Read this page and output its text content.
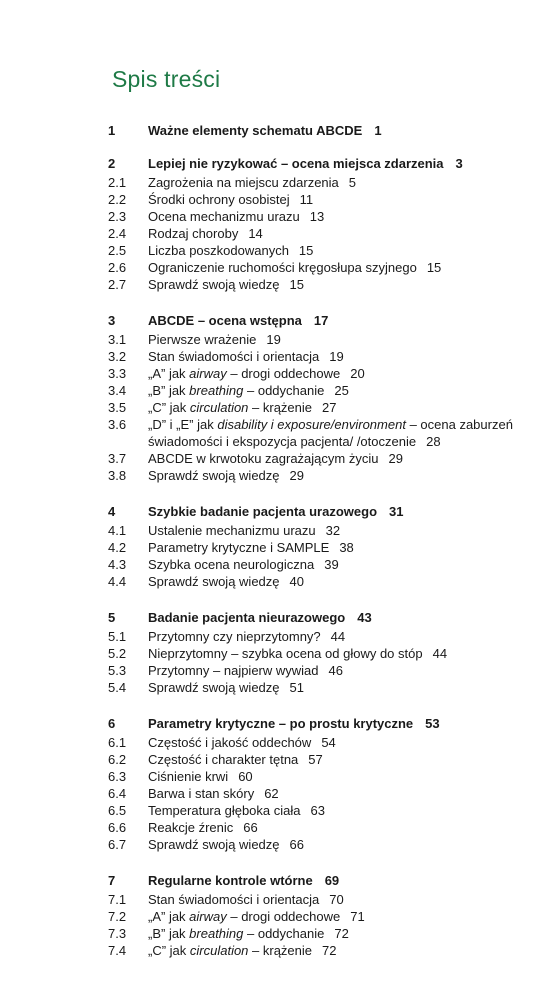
Spis treści
1	Ważne elementy schematu ABCDE 1
2	Lepiej nie ryzykować – ocena miejsca zdarzenia 3
2.1	Zagrożenia na miejscu zdarzenia 5
2.2	Środki ochrony osobistej 11
2.3	Ocena mechanizmu urazu 13
2.4	Rodzaj choroby 14
2.5	Liczba poszkodowanych 15
2.6	Ograniczenie ruchomości kręgosłupa szyjnego 15
2.7	Sprawdź swoją wiedzę 15
3	ABCDE – ocena wstępna 17
3.1	Pierwsze wrażenie 19
3.2	Stan świadomości i orientacja 19
3.3	„A” jak airway – drogi oddechowe 20
3.4	„B” jak breathing – oddychanie 25
3.5	„C” jak circulation – krążenie 27
3.6	„D” i „E” jak disability i exposure/environment – ocena zaburzeń świadomości i ekspozycja pacjenta/ /otoczenie 28
3.7	ABCDE w krwotoku zagrażającym życiu 29
3.8	Sprawdź swoją wiedzę 29
4	Szybkie badanie pacjenta urazowego 31
4.1	Ustalenie mechanizmu urazu 32
4.2	Parametry krytyczne i SAMPLE 38
4.3	Szybka ocena neurologiczna 39
4.4	Sprawdź swoją wiedzę 40
5	Badanie pacjenta nieurazowego 43
5.1	Przytomny czy nieprzytomny? 44
5.2	Nieprzytomny – szybka ocena od głowy do stóp 44
5.3	Przytomny – najpierw wywiad 46
5.4	Sprawdź swoją wiedzę 51
6	Parametry krytyczne – po prostu krytyczne 53
6.1	Częstość i jakość oddechów 54
6.2	Częstość i charakter tętna 57
6.3	Ciśnienie krwi 60
6.4	Barwa i stan skóry 62
6.5	Temperatura głęboka ciała 63
6.6	Reakcje źrenic 66
6.7	Sprawdź swoją wiedzę 66
7	Regularne kontrole wtórne 69
7.1	Stan świadomości i orientacja 70
7.2	„A” jak airway – drogi oddechowe 71
7.3	„B” jak breathing – oddychanie 72
7.4	„C” jak circulation – krążenie 72
